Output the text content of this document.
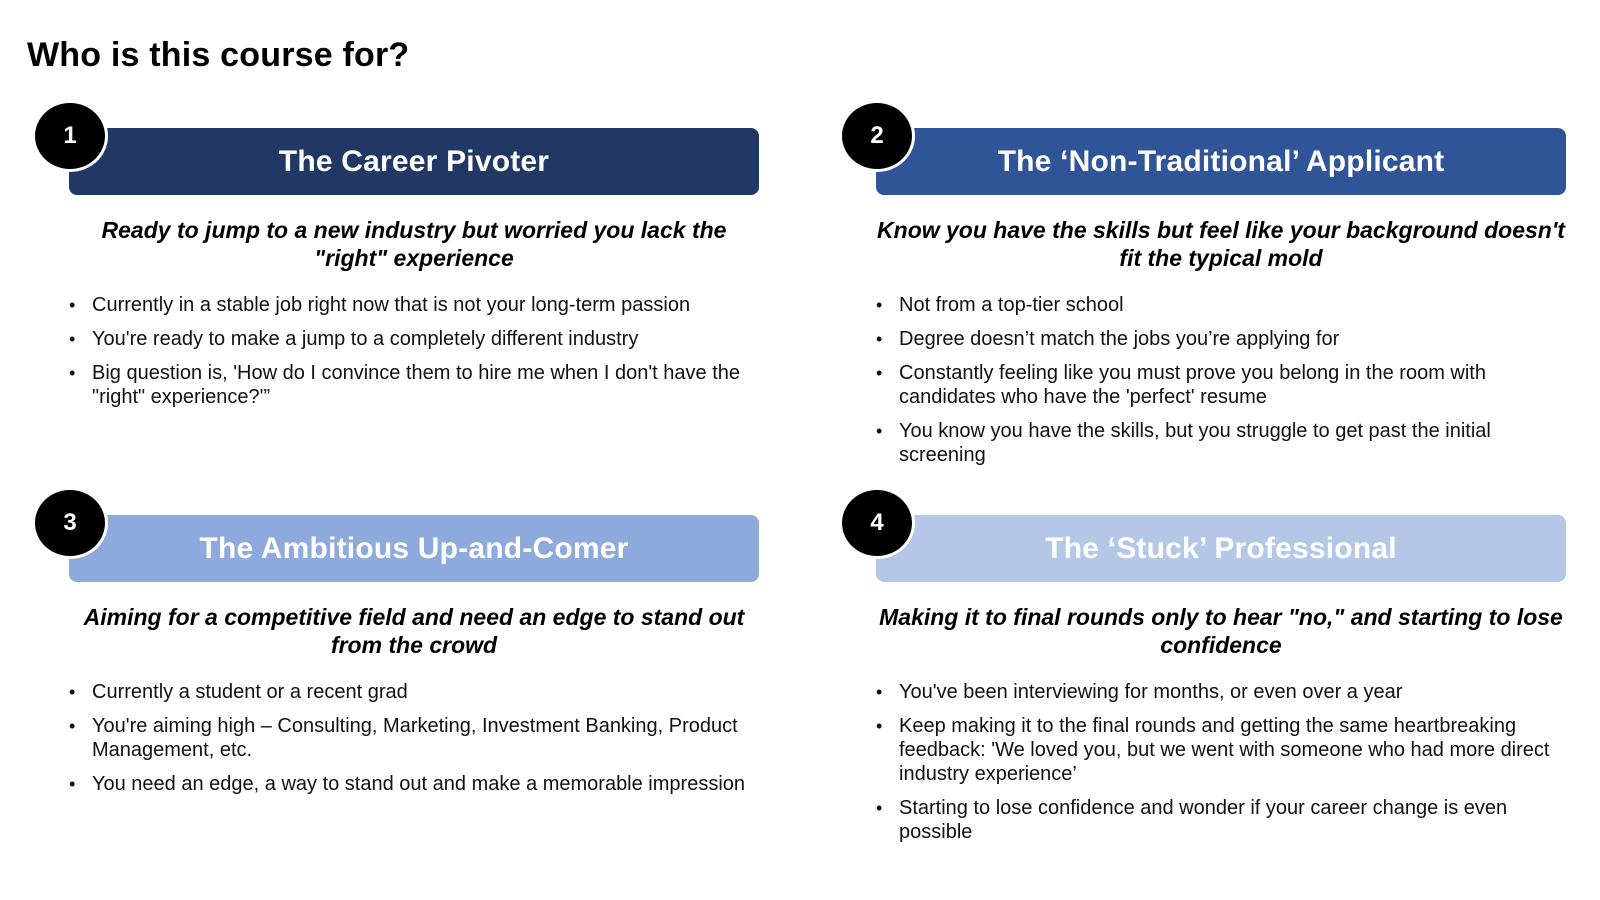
Who is this course for?
1
The Career Pivoter

Ready to jump to a new industry but worried you lack the "right" experience

• Currently in a stable job right now that is not your long-term passion
• You're ready to make a jump to a completely different industry
• Big question is, 'How do I convince them to hire me when I don't have the "right" experience?'”
2
The ‘Non-Traditional’ Applicant

Know you have the skills but feel like your background doesn't fit the typical mold

• Not from a top-tier school
• Degree doesn’t match the jobs you’re applying for
• Constantly feeling like you must prove you belong in the room with candidates who have the 'perfect' resume
• You know you have the skills, but you struggle to get past the initial screening
3
The Ambitious Up-and-Comer

Aiming for a competitive field and need an edge to stand out from the crowd

• Currently a student or a recent grad
• You're aiming high – Consulting, Marketing, Investment Banking, Product Management, etc.
• You need an edge, a way to stand out and make a memorable impression
4
The ‘Stuck’ Professional

Making it to final rounds only to hear "no," and starting to lose confidence

• You've been interviewing for months, or even over a year
• Keep making it to the final rounds and getting the same heartbreaking feedback: 'We loved you, but we went with someone who had more direct industry experience’
• Starting to lose confidence and wonder if your career change is even possible
